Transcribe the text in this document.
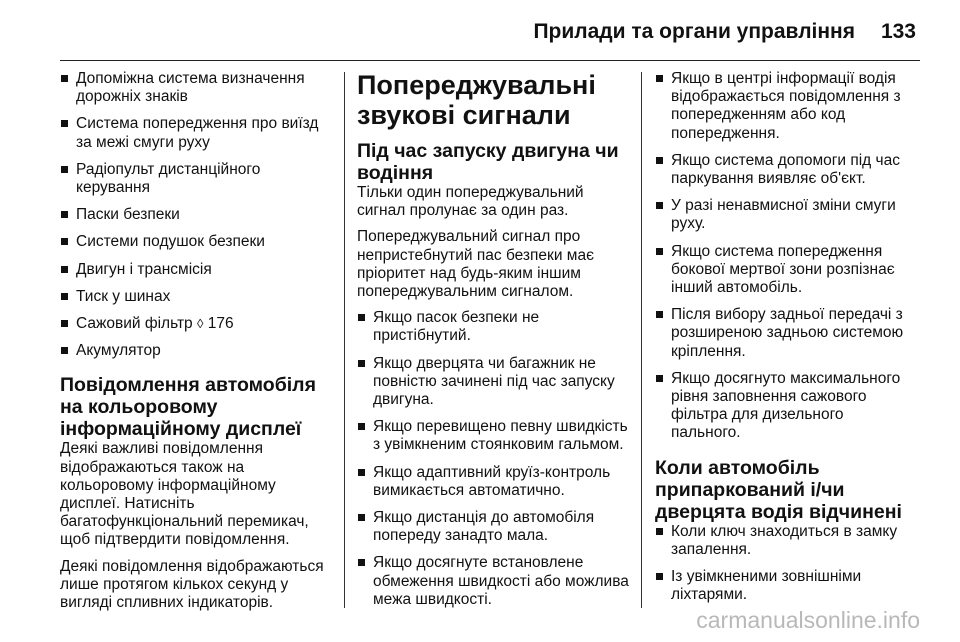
Прилади та органи управління 133
Допоміжна система визначення дорожніх знаків
Система попередження про виїзд за межі смуги руху
Радіопульт дистанційного керування
Паски безпеки
Системи подушок безпеки
Двигун і трансмісія
Тиск у шинах
Сажовий фільтр ◊ 176
Акумулятор
Повідомлення автомобіля на кольоровому інформаційному дисплеї

Деякі важливі повідомлення відображаються також на кольоровому інформаційному дисплеї. Натисніть багатофункціональний перемикач, щоб підтвердити повідомлення.

Деякі повідомлення відображаються лише протягом кількох секунд у вигляді спливних індикаторів.

Попереджувальні звукові сигнали
Під час запуску двигуна чи водіння

Тільки один попереджувальний сигнал пролунає за один раз.

Попереджувальний сигнал про непристебнутий пас безпеки має пріоритет над будь-яким іншим попереджувальним сигналом.

Якщо пасок безпеки не пристібнутий.
Якщо дверцята чи багажник не повністю зачинені під час запуску двигуна.
Якщо перевищено певну швидкість з увімкненим стоянковим гальмом.
Якщо адаптивний круїз-контроль вимикається автоматично.
Якщо дистанція до автомобіля попереду занадто мала.
Якщо досягнуте встановлене обмеження швидкості або можлива межа швидкості.
Якщо в центрі інформації водія відображається повідомлення з попередженням або код попередження.
Якщо система допомоги під час паркування виявляє об'єкт.
У разі ненавмисної зміни смуги руху.
Якщо система попередження бокової мертвої зони розпізнає інший автомобіль.
Після вибору задньої передачі з розширеною задньою системою кріплення.
Якщо досягнуто максимального рівня заповнення сажового фільтра для дизельного пального.
Коли автомобіль припаркований і/чи дверцята водія відчинені
Коли ключ знаходиться в замку запалення.
Із увімкненими зовнішніми ліхтарями.
carmanualsonline.info
